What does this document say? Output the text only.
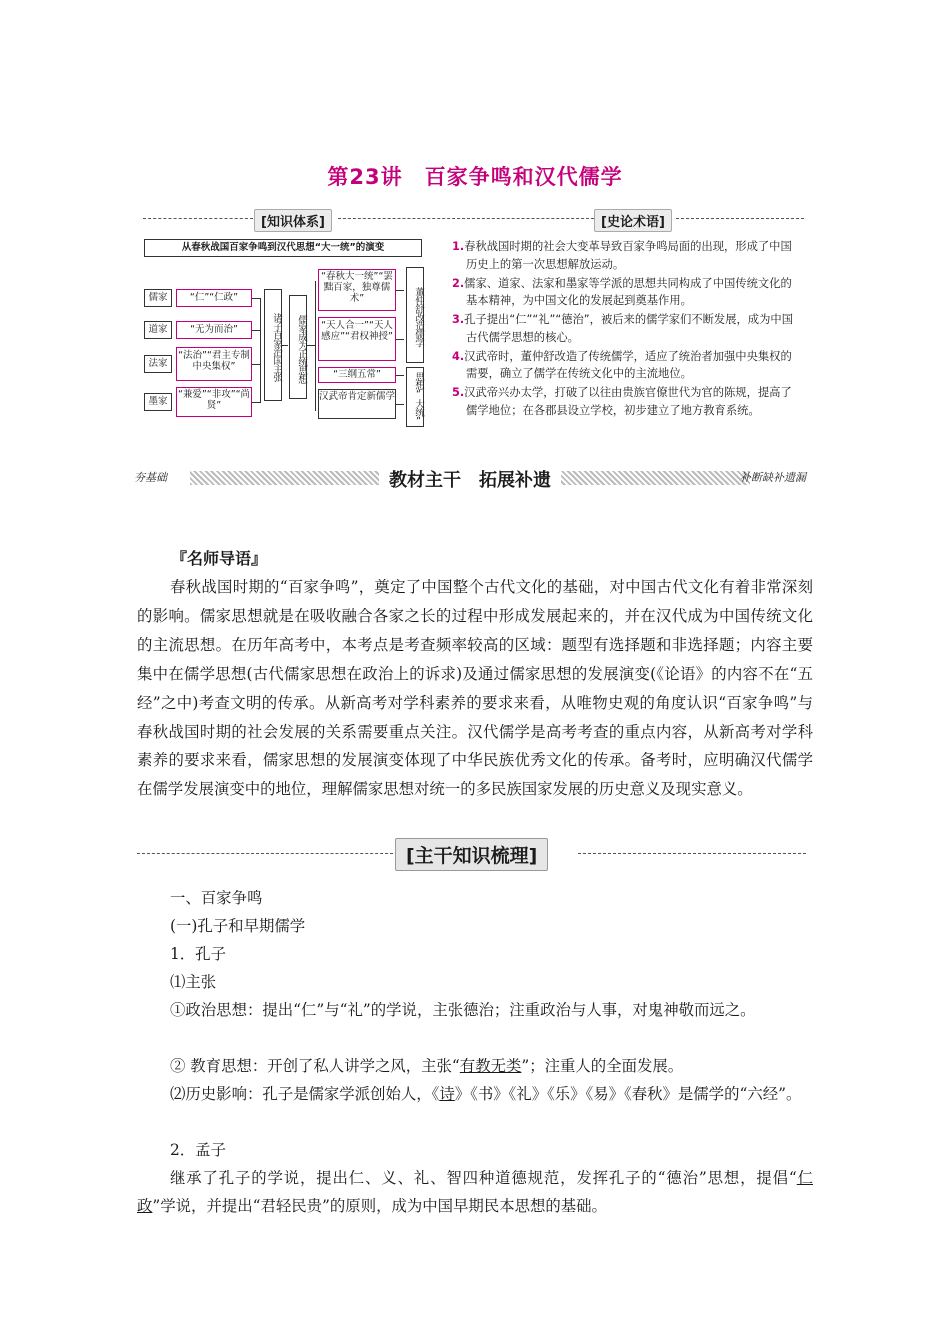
第23讲　百家争鸣和汉代儒学
[知识体系]	[史论术语]
从春秋战国百家争鸣到汉代思想“大一统”的演变
儒家
道家
法家
墨家
“仁”“仁政”
“无为而治”
“法治”“君主专制中央集权”
“兼爱”“非攻”“尚贤”
诸子百家治国主张	儒家成为正统思想
“春秋大一统”“罢黜百家，独尊儒术”
“天人合一”“天人感应”“君权神授”
“三纲五常”
汉武帝肯定新儒学
董仲舒改造儒学
思想“大统”

1.春秋战国时期的社会大变革导致百家争鸣局面的出现，形成了中国历史上的第一次思想解放运动。

2.儒家、道家、法家和墨家等学派的思想共同构成了中国传统文化的基本精神，为中国文化的发展起到奠基作用。

3.孔子提出“仁”“礼”“德治”，被后来的儒学家们不断发展，成为中国古代儒学思想的核心。

4.汉武帝时，董仲舒改造了传统儒学，适应了统治者加强中央集权的需要，确立了儒学在传统文化中的主流地位。

5.汉武帝兴办太学，打破了以往由贵族官僚世代为官的陈规，提高了儒学地位；在各郡县设立学校，初步建立了地方教育系统。

夯基础	补断缺补遗漏
教材主干　拓展补遗
『名师导语』

春秋战国时期的“百家争鸣”，奠定了中国整个古代文化的基础，对中国古代文化有着非常深刻的影响。儒家思想就是在吸收融合各家之长的过程中形成发展起来的，并在汉代成为中国传统文化的主流思想。在历年高考中，本考点是考查频率较高的区域：题型有选择题和非选择题；内容主要集中在儒学思想(古代儒家思想在政治上的诉求)及通过儒家思想的发展演变(《论语》的内容不在“五经”之中)考查文明的传承。从新高考对学科素养的要求来看，从唯物史观的角度认识“百家争鸣”与春秋战国时期的社会发展的关系需要重点关注。汉代儒学是高考考查的重点内容，从新高考对学科素养的要求来看，儒家思想的发展演变体现了中华民族优秀文化的传承。备考时，应明确汉代儒学在儒学发展演变中的地位，理解儒家思想对统一的多民族国家发展的历史意义及现实意义。

[主干知识梳理]

一、百家争鸣

(一)孔子和早期儒学

1．孔子

⑴主张

①政治思想：提出“仁”与“礼”的学说，主张德治；注重政治与人事，对鬼神敬而远之。

② 教育思想：开创了私人讲学之风，主张“有教无类”；注重人的全面发展。

⑵历史影响：孔子是儒家学派创始人，《诗》《书》《礼》《乐》《易》《春秋》是儒学的“六经”。

2．孟子

继承了孔子的学说，提出仁、义、礼、智四种道德规范，发挥孔子的“德治”思想，提倡“仁政”学说，并提出“君轻民贵”的原则，成为中国早期民本思想的基础。
